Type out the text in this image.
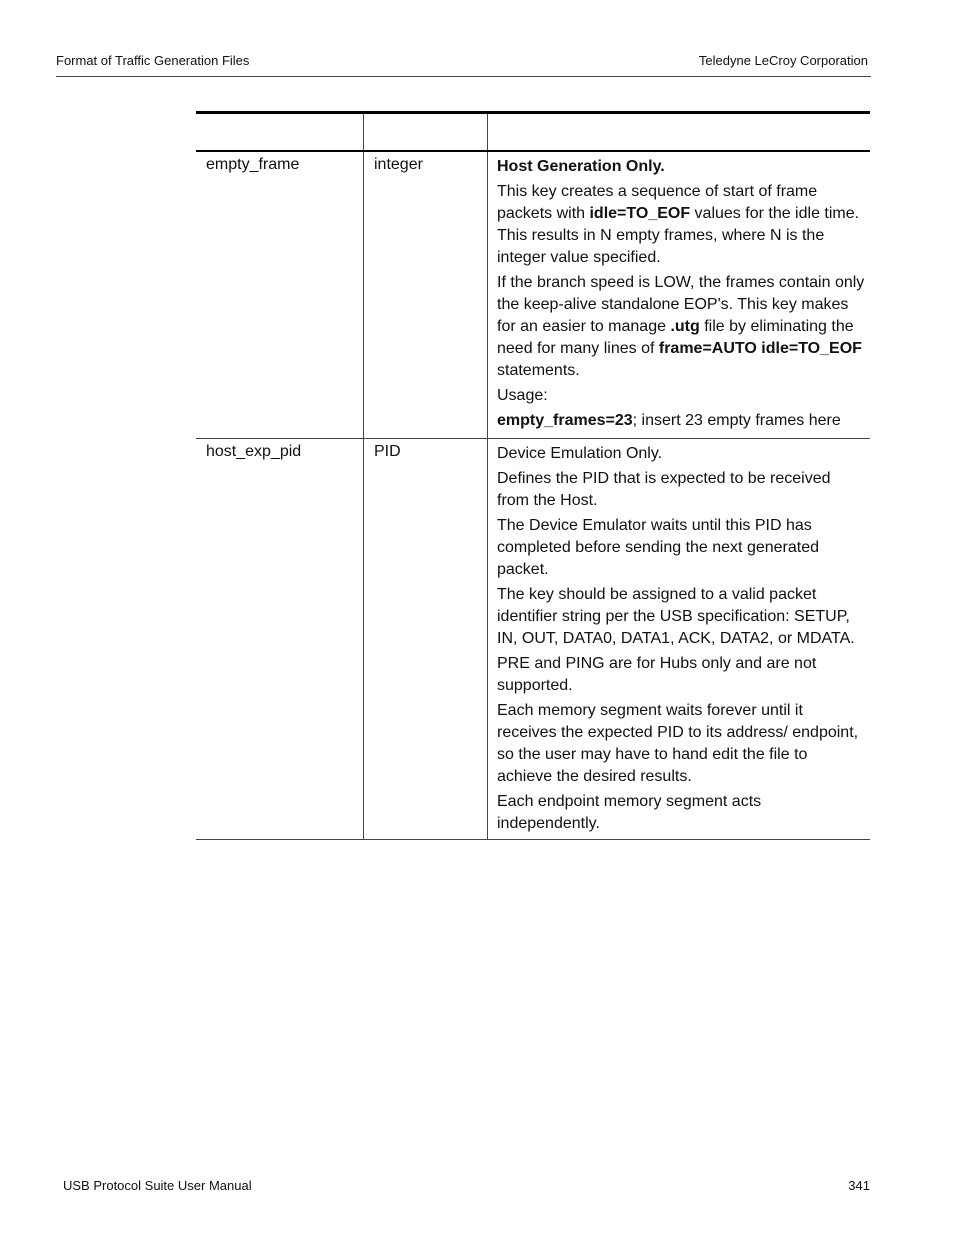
Format of Traffic Generation Files	Teledyne LeCroy Corporation
empty_frame	integer	Host Generation Only.

This key creates a sequence of start of frame packets with idle=TO_EOF values for the idle time. This results in N empty frames, where N is the integer value specified.

If the branch speed is LOW, the frames contain only the keep-alive standalone EOP's. This key makes for an easier to manage .utg file by eliminating the need for many lines of frame=AUTO idle=TO_EOF statements.

Usage:

empty_frames=23; insert 23 empty frames here

host_exp_pid	PID	Device Emulation Only.

Defines the PID that is expected to be received from the Host.

The Device Emulator waits until this PID has completed before sending the next generated packet.

The key should be assigned to a valid packet identifier string per the USB specification: SETUP, IN, OUT, DATA0, DATA1, ACK, DATA2, or MDATA.

PRE and PING are for Hubs only and are not supported.

Each memory segment waits forever until it receives the expected PID to its address/ endpoint, so the user may have to hand edit the file to achieve the desired results.

Each endpoint memory segment acts independently.

USB Protocol Suite User Manual	341
